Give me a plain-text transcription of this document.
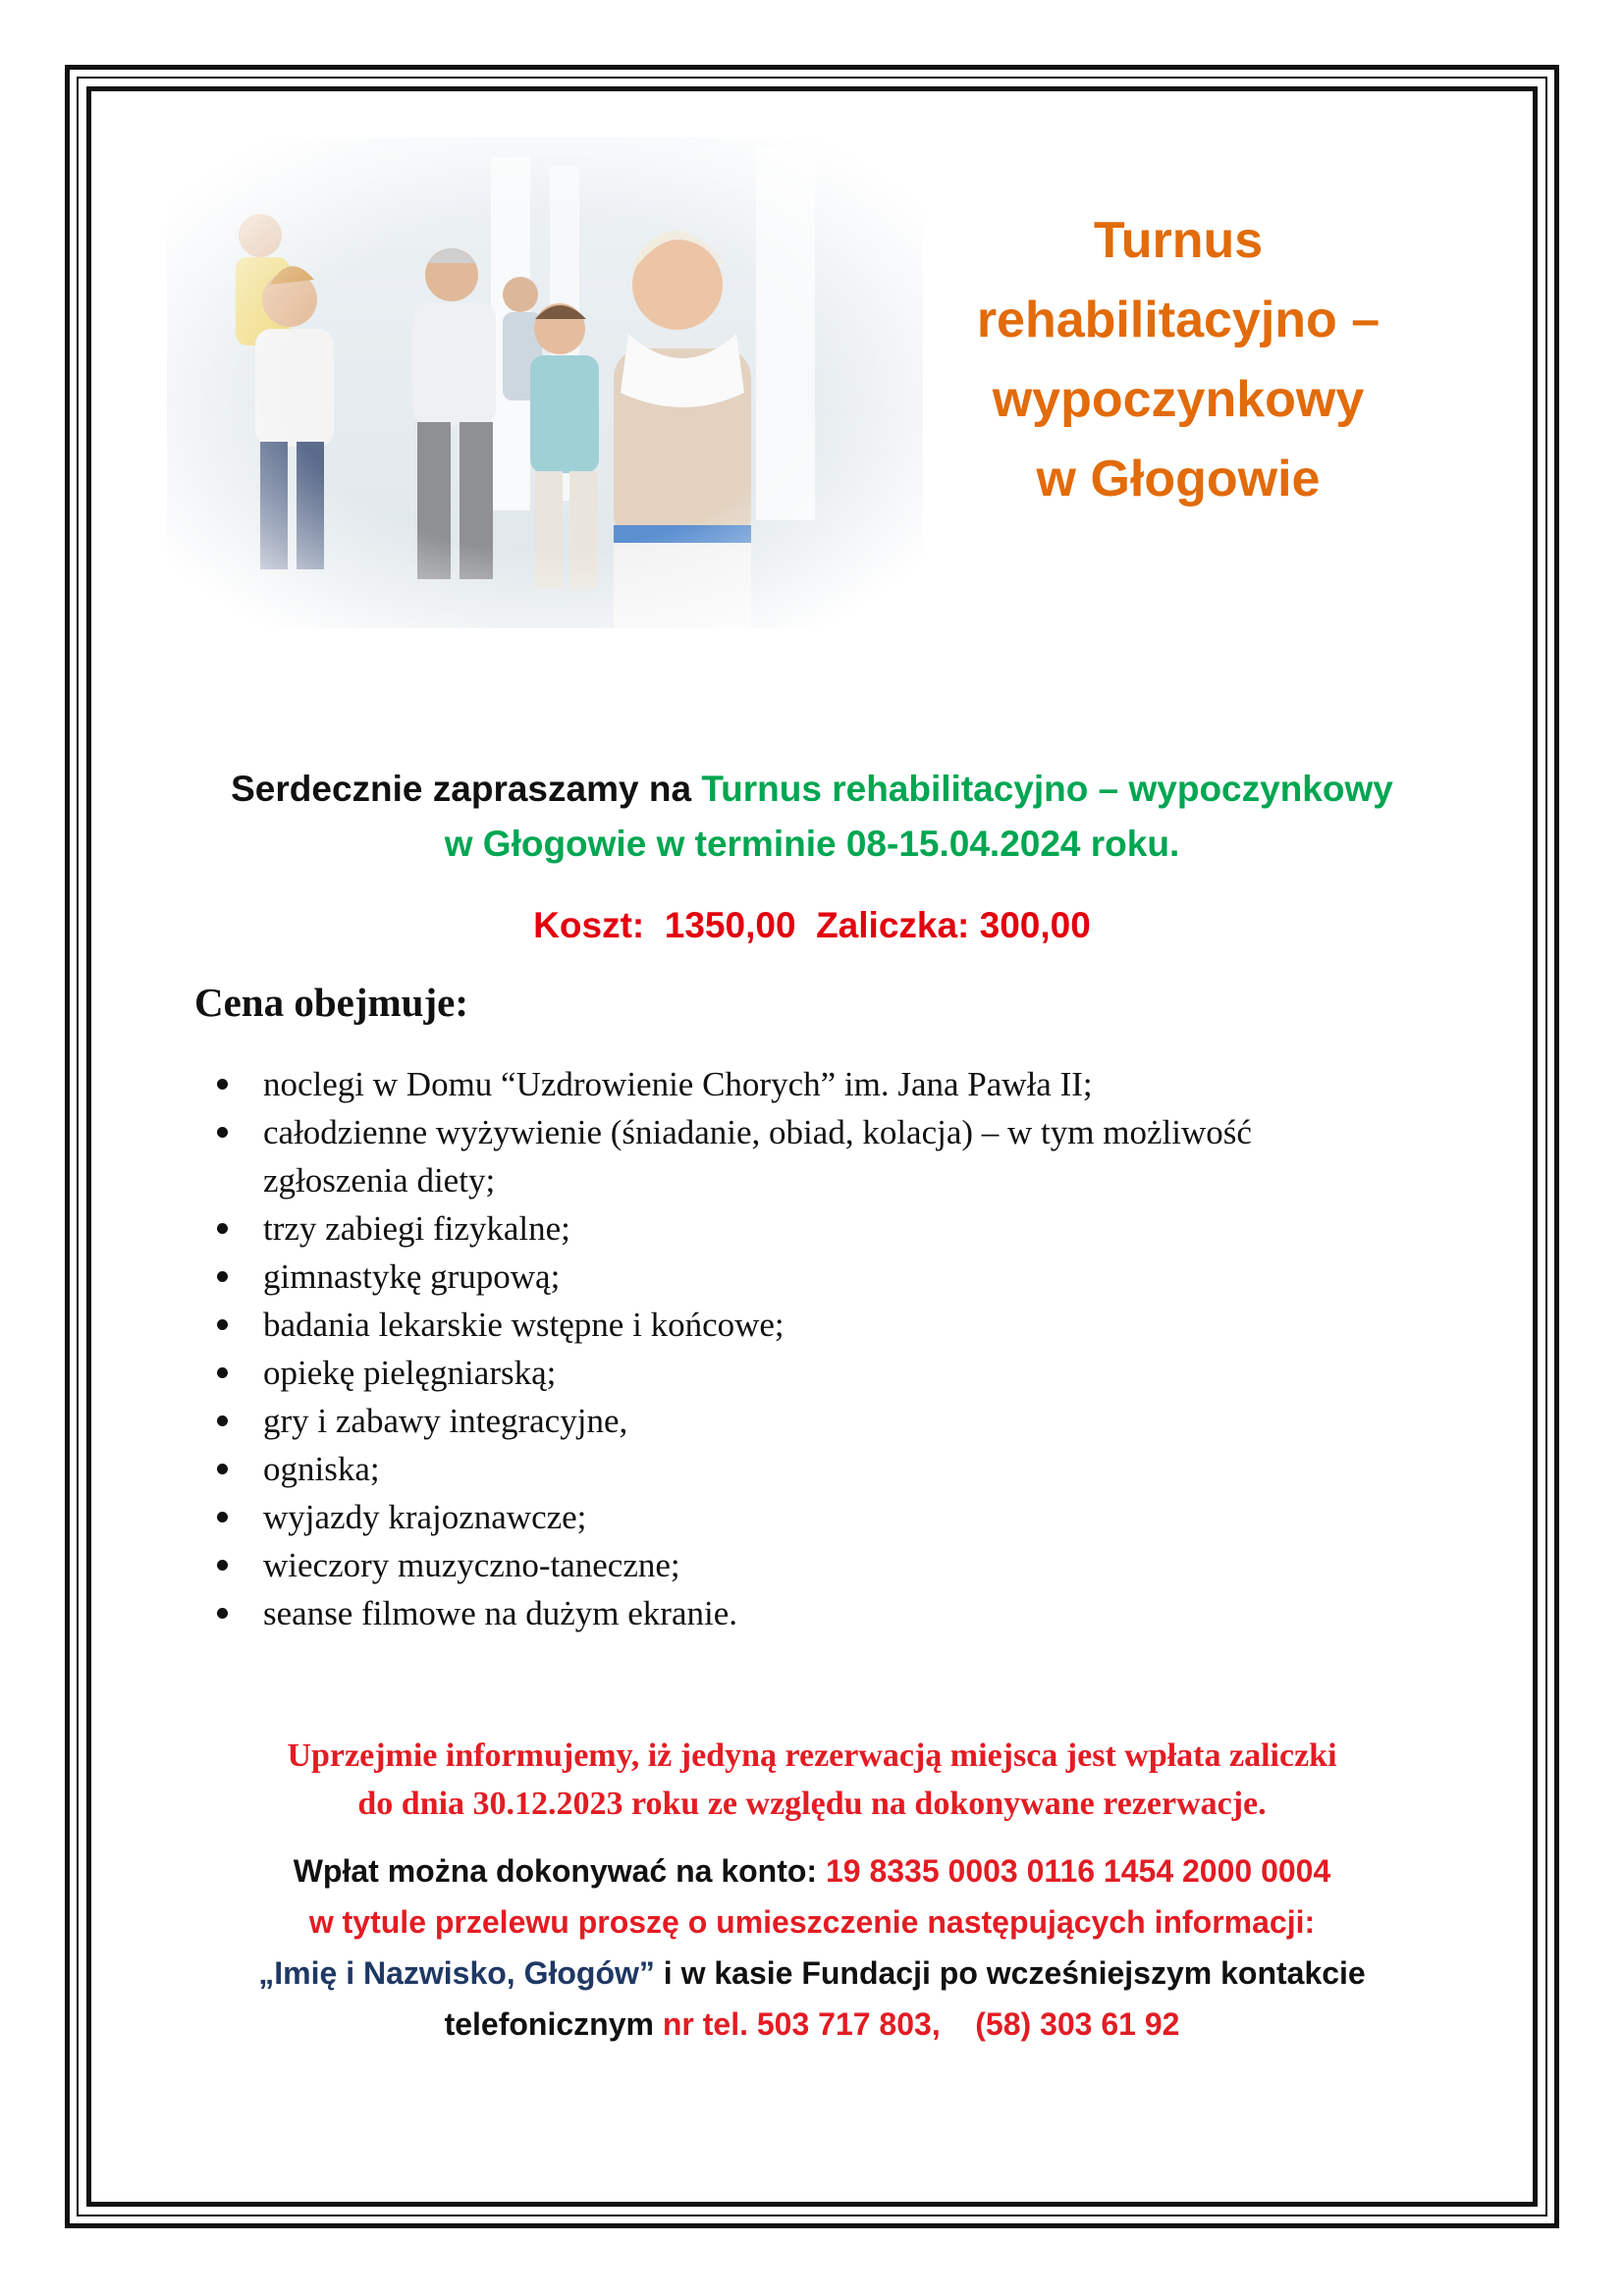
Turnus
rehabilitacyjno –
wypoczynkowy
w Głogowie
Serdecznie zapraszamy na Turnus rehabilitacyjno – wypoczynkowy
w Głogowie w terminie 08-15.04.2024 roku.
Koszt:  1350,00  Zaliczka: 300,00
Cena obejmuje:
noclegi w Domu “Uzdrowienie Chorych” im. Jana Pawła II;
całodzienne wyżywienie (śniadanie, obiad, kolacja) – w tym możliwość
zgłoszenia diety;
trzy zabiegi fizykalne;
gimnastykę grupową;
badania lekarskie wstępne i końcowe;
opiekę pielęgniarską;
gry i zabawy integracyjne,
ogniska;
wyjazdy krajoznawcze;
wieczory muzyczno-taneczne;
seanse filmowe na dużym ekranie.
Uprzejmie informujemy, iż jedyną rezerwacją miejsca jest wpłata zaliczki
do dnia 30.12.2023 roku ze względu na dokonywane rezerwacje.
Wpłat można dokonywać na konto: 19 8335 0003 0116 1454 2000 0004
w tytule przelewu proszę o umieszczenie następujących informacji:
„Imię i Nazwisko, Głogów” i w kasie Fundacji po wcześniejszym kontakcie
telefonicznym nr tel. 503 717 803,    (58) 303 61 92
